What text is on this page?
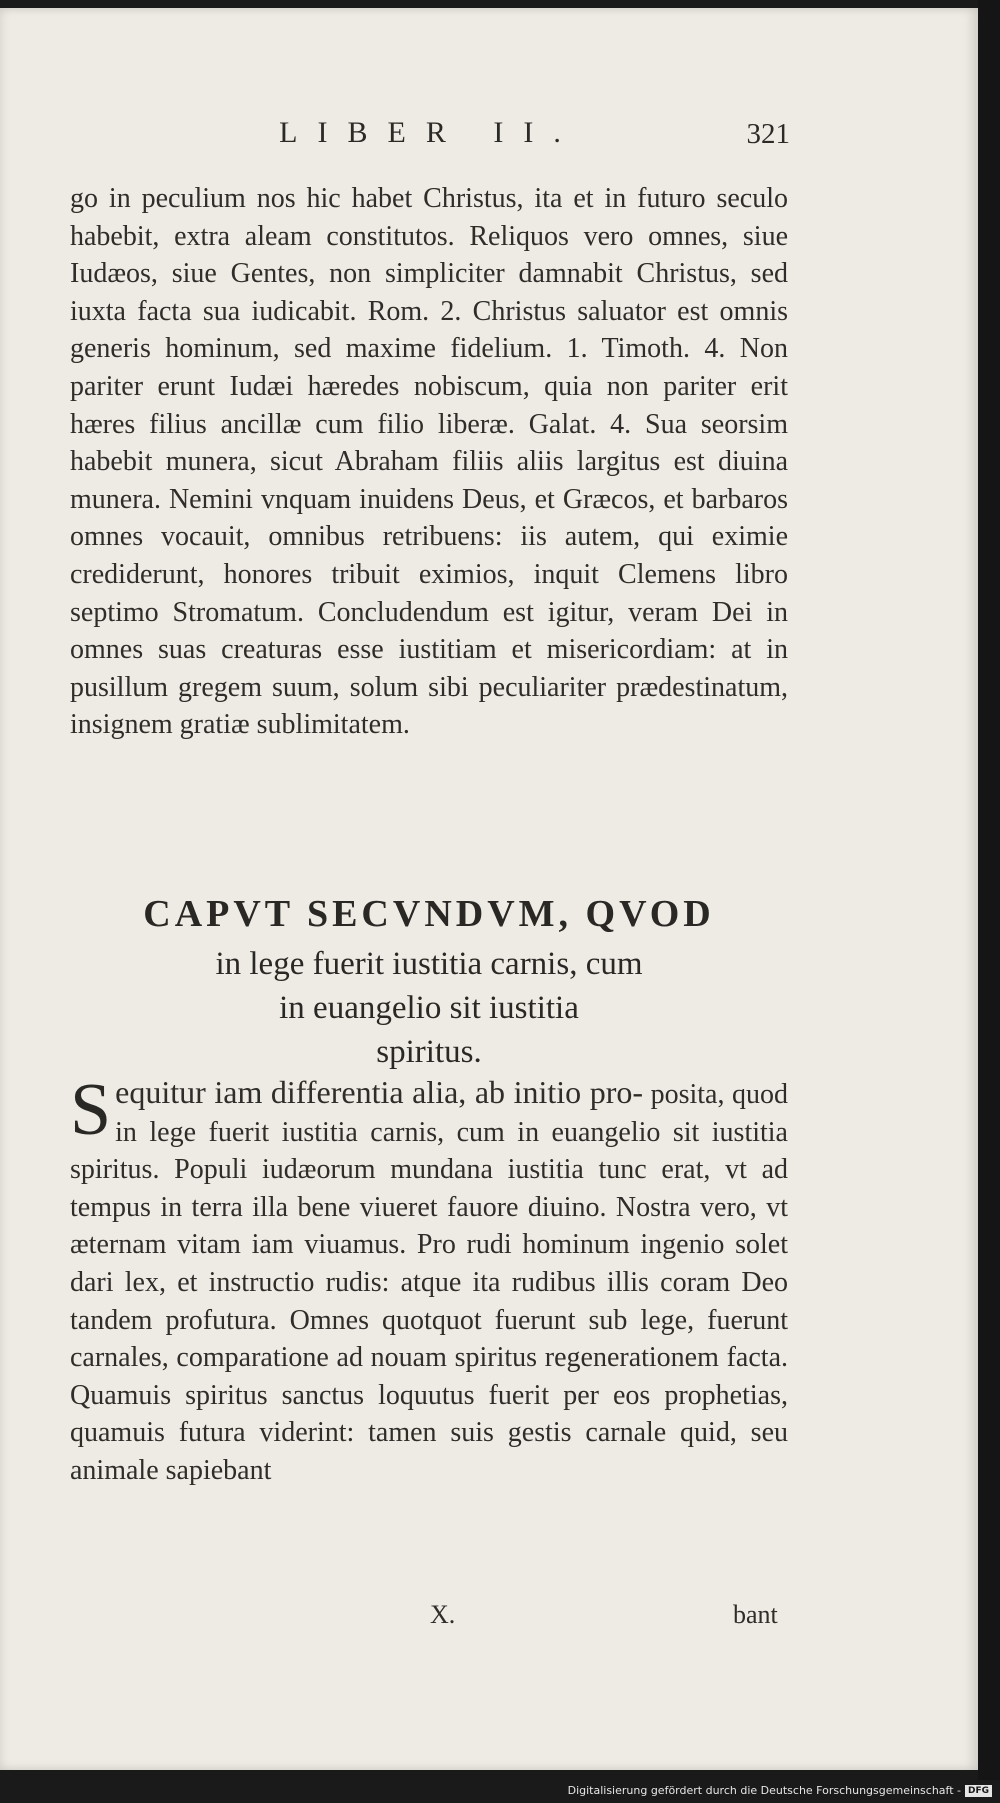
LIBER II.	321

go in peculium nos hic habet Christus, ita et in futuro seculo habebit, extra aleam constitutos. Reliquos vero omnes, siue Iudæos, siue Gentes, non simpliciter damnabit Christus, sed iuxta facta sua iudicabit. Rom. 2. Christus saluator est omnis generis hominum, sed maxime fidelium. 1. Timoth. 4. Non pariter erunt Iudæi hæredes nobiscum, quia non pariter erit hæres filius ancillæ cum filio liberæ. Galat. 4. Sua seorsim habebit munera, sicut Abraham filiis aliis largitus est diuina munera. Nemini vnquam inuidens Deus, et Græcos, et barbaros omnes vocauit, omnibus retribuens: iis autem, qui eximie crediderunt, honores tribuit eximios, inquit Clemens libro septimo Stromatum. Concludendum est igitur, veram Dei in omnes suas creaturas esse iustitiam et misericordiam: at in pusillum gregem suum, solum sibi peculiariter prædestinatum, insignem gratiæ sublimitatem.

CAPVT SECVNDVM, QVOD
in lege fuerit iustitia carnis, cum
in euangelio sit iustitia
spiritus.

Sequitur iam differentia alia, ab initio pro- posita, quod in lege fuerit iustitia carnis, cum in euangelio sit iustitia spiritus. Populi iudæorum mundana iustitia tunc erat, vt ad tempus in terra illa bene viueret fauore diuino. Nostra vero, vt æternam vitam iam viuamus. Pro rudi hominum ingenio solet dari lex, et instructio rudis: atque ita rudibus illis coram Deo tandem profutura. Omnes quotquot fuerunt sub lege, fuerunt carnales, comparatione ad nouam spiritus regenerationem facta. Quamuis spiritus sanctus loquutus fuerit per eos prophetias, quamuis futura viderint: tamen suis gestis carnale quid, seu animale sapiebant

X.	bant
Digitalisierung gefördert durch die Deutsche Forschungsgemeinschaft - DFG
